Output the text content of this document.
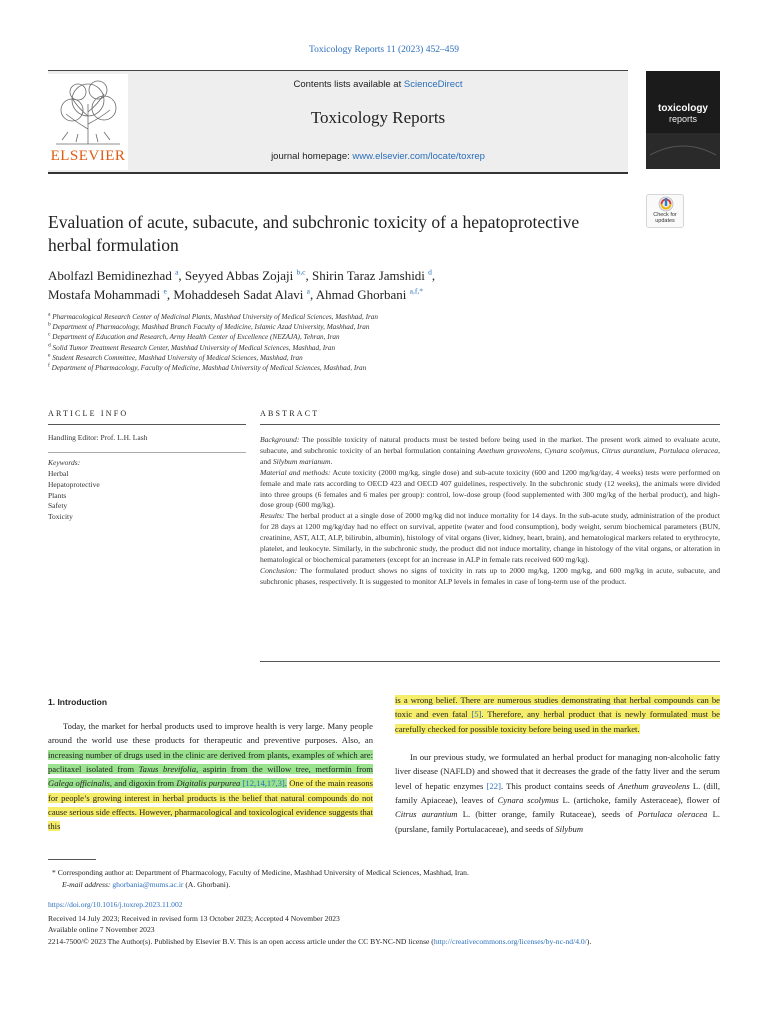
Toxicology Reports 11 (2023) 452–459
ELSEVIER
Contents lists available at ScienceDirect
Toxicology Reports
journal homepage: www.elsevier.com/locate/toxrep
toxicology
reports
Check for updates
Evaluation of acute, subacute, and subchronic toxicity of a hepatoprotective herbal formulation
Abolfazl Bemidinezhad $^a$, Seyyed Abbas Zojaji $^{b,c}$, Shirin Taraz Jamshidi $^d$,
Mostafa Mohammadi $^e$, Mohaddeseh Sadat Alavi $^a$, Ahmad Ghorbani $^{a,f,*}$
$^a$ Pharmacological Research Center of Medicinal Plants, Mashhad University of Medical Sciences, Mashhad, Iran
$^b$ Department of Pharmacology, Mashhad Branch Faculty of Medicine, Islamic Azad University, Mashhad, Iran
$^c$ Department of Education and Research, Army Health Center of Excellence (NEZAJA), Tehran, Iran
$^d$ Solid Tumor Treatment Research Center, Mashhad University of Medical Sciences, Mashhad, Iran
$^e$ Student Research Committee, Mashhad University of Medical Sciences, Mashhad, Iran
$^f$ Department of Pharmacology, Faculty of Medicine, Mashhad University of Medical Sciences, Mashhad, Iran
ARTICLE INFO	ABSTRACT
Handling Editor: Prof. L.H. Lash
Keywords:
Herbal
Hepatoprotective
Plants
Safety
Toxicity

Background: The possible toxicity of natural products must be tested before being used in the market. The present work aimed to evaluate acute, subacute, and subchronic toxicity of an herbal formulation containing Anethum graveolens, Cynara scolymus, Citrus aurantium, Portulaca oleracea, and Silybum marianum.

Material and methods: Acute toxicity (2000 mg/kg, single dose) and sub-acute toxicity (600 and 1200 mg/kg/day, 4 weeks) tests were performed on female and male rats according to OECD 423 and OECD 407 guidelines, respectively. In the subchronic study (12 weeks), the animals were divided into three groups (6 females and 6 males per group): control, low-dose group (food supplemented with 300 mg/kg of the herbal product), and high-dose group (600 mg/kg).

Results: The herbal product at a single dose of 2000 mg/kg did not induce mortality for 14 days. In the sub-acute study, administration of the product for 28 days at 1200 mg/kg/day had no effect on survival, appetite (water and food consumption), body weight, serum biochemical parameters (BUN, creatinine, AST, ALT, ALP, bilirubin, albumin), histology of vital organs (liver, kidney, heart, brain), and hematological markers related to erythrocyte, platelet, and leukocyte. Similarly, in the subchronic study, the product did not induce mortality, change in histology of the vital organs, or alteration in hematological or biochemical parameters (except for an increase in ALP in female rats received 600 mg/kg).

Conclusion: The formulated product shows no signs of toxicity in rats up to 2000 mg/kg, 1200 mg/kg, and 600 mg/kg in acute, subacute, and subchronic phases, respectively. It is suggested to monitor ALP levels in females in case of long-term use of the product.

1. Introduction

Today, the market for herbal products used to improve health is very large. Many people around the world use these products for therapeutic and preventive purposes. Also, an increasing number of drugs used in the clinic are derived from plants, examples of which are: paclitaxel isolated from Taxus brevifolia, aspirin from the willow tree, metformin from Galega officinalis, and digoxin from Digitalis purpurea [12,14,17,3]. One of the main reasons for people’s growing interest in herbal products is the belief that natural compounds do not cause serious side effects. However, pharmacological and toxicological evidence suggests that this

is a wrong belief. There are numerous studies demonstrating that herbal compounds can be toxic and even fatal [5]. Therefore, any herbal product that is newly formulated must be carefully checked for possible toxicity before being used in the market.

In our previous study, we formulated an herbal product for managing non-alcoholic fatty liver disease (NAFLD) and showed that it decreases the grade of the fatty liver and the serum level of hepatic enzymes [22]. This product contains seeds of Anethum graveolens L. (dill, family Apiaceae), leaves of Cynara scolymus L. (artichoke, family Asteraceae), flower of Citrus aurantium L. (bitter orange, family Rutaceae), seeds of Portulaca oleracea L. (purslane, family Portulacaceae), and seeds of Silybum

* Corresponding author at: Department of Pharmacology, Faculty of Medicine, Mashhad University of Medical Sciences, Mashhad, Iran.
E-mail address: ghorbania@mums.ac.ir (A. Ghorbani).
https://doi.org/10.1016/j.toxrep.2023.11.002
Received 14 July 2023; Received in revised form 13 October 2023; Accepted 4 November 2023
Available online 7 November 2023
2214-7500/© 2023 The Author(s). Published by Elsevier B.V. This is an open access article under the CC BY-NC-ND license (http://creativecommons.org/licenses/by-nc-nd/4.0/).
